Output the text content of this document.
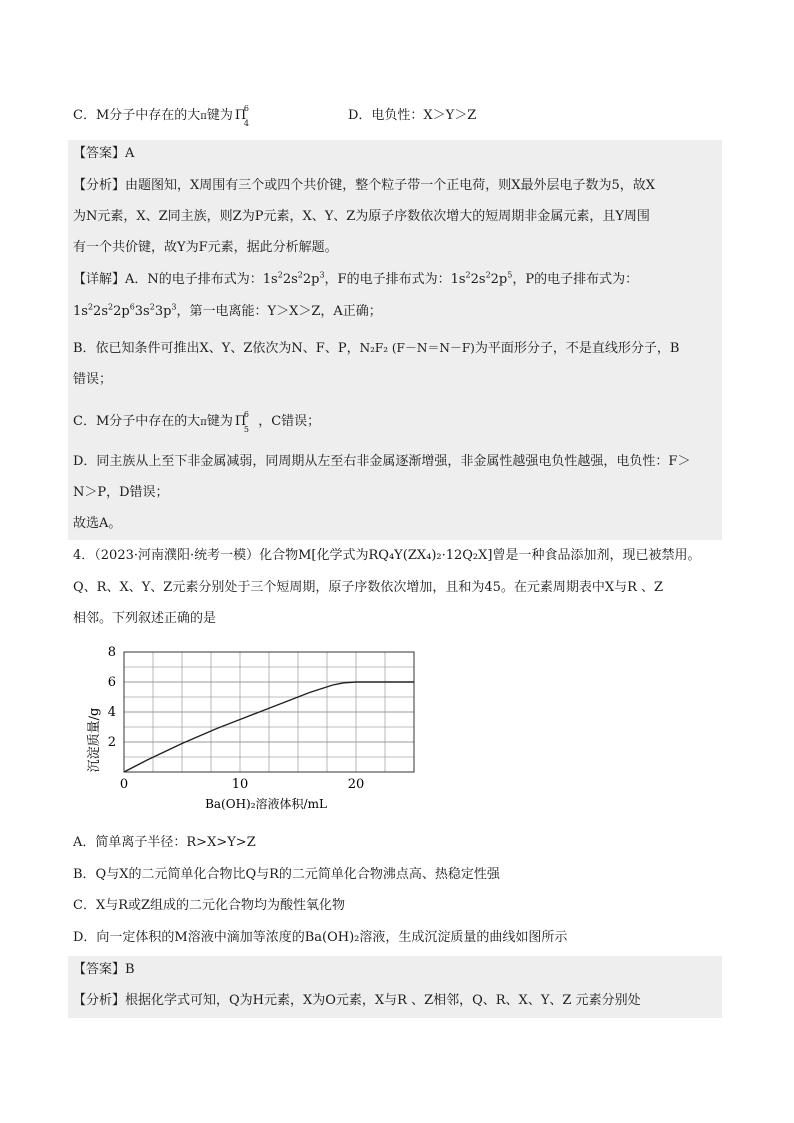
C．M分子中存在的大π键为 Π
6
4
D．电负性：X＞Y＞Z
【答案】A
【分析】由题图知，X周围有三个或四个共价键，整个粒子带一个正电荷，则X最外层电子数为5，故X
为N元素，X、Z同主族，则Z为P元素，X、Y、Z为原子序数依次增大的短周期非金属元素，且Y周围
有一个共价键，故Y为F元素，据此分析解题。
【详解】A．N的电子排布式为：$1s^22s^22p^3$，F的电子排布式为：$1s^22s^22p^5$，P的电子排布式为：
$1s^22s^22p^63s^23p^3$，第一电离能：Y＞X＞Z，A正确；
B．依已知条件可推出X、Y、Z依次为N、F、P，N₂F₂ (F－N＝N－F)为平面形分子，不是直线形分子，B
错误；
C．M分子中存在的大π键为 Π
6
5
，C错误；
D．同主族从上至下非金属减弱，同周期从左至右非金属逐渐增强，非金属性越强电负性越强，电负性：F＞
N＞P，D错误；
故选A。
4．（2023·河南濮阳·统考一模）化合物M[化学式为RQ₄Y(ZX₄)₂·12Q₂X]曾是一种食品添加剂，现已被禁用。
Q、R、X、Y、Z元素分别处于三个短周期，原子序数依次增加，且和为45。在元素周期表中X与R 、Z
相邻。下列叙述正确的是
2
4
6
8
0	10	20
沉淀质量/g
Ba(OH)₂溶液体积/mL
A．简单离子半径：R>X>Y>Z
B．Q与X的二元简单化合物比Q与R的二元简单化合物沸点高、热稳定性强
C．X与R或Z组成的二元化合物均为酸性氧化物
D．向一定体积的M溶液中滴加等浓度的Ba(OH)₂溶液，生成沉淀质量的曲线如图所示
【答案】B
【分析】根据化学式可知，Q为H元素，X为O元素，X与R 、Z相邻，Q、R、X、Y、Z 元素分别处
